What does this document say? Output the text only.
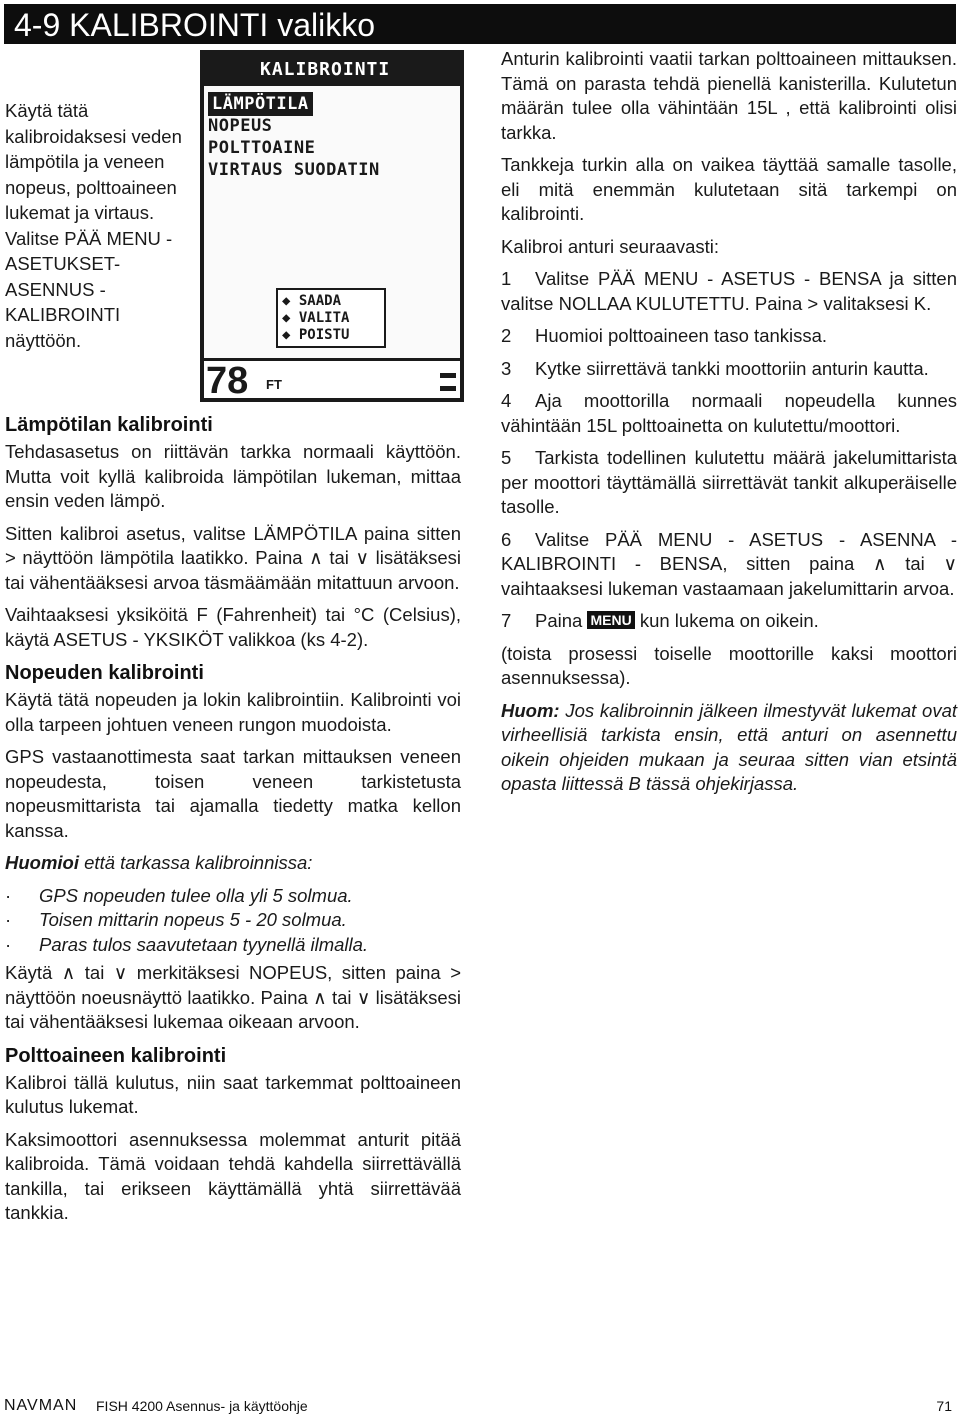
4-9 KALIBROINTI valikko

Käytä tätä kalibroidaksesi veden lämpötila ja veneen nopeus, polttoaineen lukemat ja virtaus.

Valitse PÄÄ MENU - ASETUKSET- ASENNUS - KALIBROINTI näyttöön.

KALIBROINTI
LÄMPÖTILA
NOPEUS
POLTTOAINE
VIRTAUS SUODATIN
◆ SAADA
◆ VALITA
◆ POISTU
78 FT
Lämpötilan kalibrointi

Tehdasasetus on riittävän tarkka normaali käyttöön. Mutta voit kyllä kalibroida lämpötilan lukeman, mittaa ensin veden lämpö.

Sitten kalibroi asetus, valitse LÄMPÖTILA paina sitten > näyttöön lämpötila laatikko. Paina ∧ tai ∨ lisätäksesi tai vähentääksesi arvoa täsmäämään mitattuun arvoon.

Vaihtaaksesi yksiköitä F (Fahrenheit) tai °C (Celsius), käytä ASETUS - YKSIKÖT valikkoa (ks 4-2).

Nopeuden kalibrointi

Käytä tätä nopeuden ja lokin kalibrointiin. Kalibrointi voi olla tarpeen johtuen veneen rungon muodoista.

GPS vastaanottimesta saat tarkan mittauksen veneen nopeudesta, toisen veneen tarkistetusta nopeusmittarista tai ajamalla tiedetty matka kellon kanssa.

Huomioi että tarkassa kalibroinnissa:

· GPS nopeuden tulee olla yli 5 solmua.

· Toisen mittarin nopeus 5 - 20 solmua.

· Paras tulos saavutetaan tyynellä ilmalla.

Käytä ∧ tai ∨ merkitäksesi NOPEUS, sitten paina > näyttöön noeusnäyttö laatikko. Paina ∧ tai ∨ lisätäksesi tai vähentääksesi lukemaa oikeaan arvoon.

Polttoaineen kalibrointi

Kalibroi tällä kulutus, niin saat tarkemmat polttoaineen kulutus lukemat.

Kaksimoottori asennuksessa molemmat anturit pitää kalibroida. Tämä voidaan tehdä kahdella siirrettävällä tankilla, tai erikseen käyttämällä yhtä siirrettävää tankkia.

Anturin kalibrointi vaatii tarkan polttoaineen mittauksen. Tämä on parasta tehdä pienellä kanisterilla. Kulutetun määrän tulee olla vähintään 15L , että kalibrointi olisi tarkka.

Tankkeja turkin alla on vaikea täyttää samalle tasolle, eli mitä enemmän kulutetaan sitä tarkempi on kalibrointi.

Kalibroi anturi seuraavasti:

1 Valitse PÄÄ MENU - ASETUS - BENSA ja sitten valitse NOLLAA KULUTETTU. Paina > valitaksesi K.
2 Huomioi polttoaineen taso tankissa.
3 Kytke siirrettävä tankki moottoriin anturin kautta.
4 Aja moottorilla normaali nopeudella kunnes vähintään 15L polttoainetta on kulutettu/moottori.
5 Tarkista todellinen kulutettu määrä jakelumittarista per moottori täyttämällä siirrettävät tankit alkuperäiselle tasolle.
6 Valitse PÄÄ MENU - ASETUS - ASENNA - KALIBROINTI - BENSA, sitten paina ∧ tai ∨ vaihtaaksesi lukeman vastaamaan jakelumittarin arvoa.
7 Paina MENU kun lukema on oikein.

(toista prosessi toiselle moottorille kaksi moottori asennuksessa).

Huom: Jos kalibroinnin jälkeen ilmestyvät lukemat ovat virheellisiä tarkista ensin, että anturi on asennettu oikein ohjeiden mukaan ja seuraa sitten vian etsintä opasta liittessä B tässä ohjekirjassa.

NAVMAN FISH 4200 Asennus- ja käyttöohje	71
